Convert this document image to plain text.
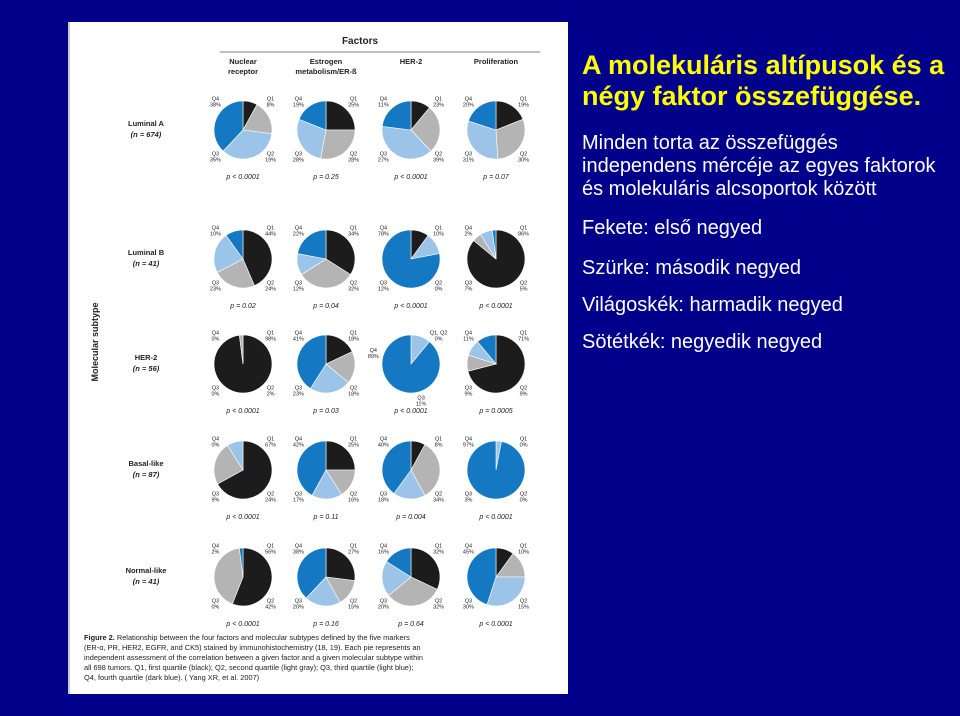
Factors
Nuclear
receptor
Estrogen
metabolism/ER-ß
HER-2	Proliferation
Molecular subtype
Luminal A
(n = 674)
Luminal B
(n = 41)
HER-2
(n = 56)
Basal-like
(n = 87)
Normal-like
(n = 41)
Q1
8%
Q2
19%
Q3
35%
Q4
38%
p < 0.0001
Q1
25%
Q2
28%
Q3
28%
Q4
19%
p = 0.25
Q1
23%
Q2
39%
Q3
27%
Q4
11%
p < 0.0001
Q1
19%
Q2
30%
Q3
31%
Q4
20%
p = 0.07
Q1
44%
Q2
24%
Q3
23%
Q4
10%
p = 0.02
Q1
34%
Q2
32%
Q3
12%
Q4
22%
p = 0.04
Q1
10%
Q2
0%
Q3
12%
Q4
78%
p < 0.0001
Q1
86%
Q2
5%
Q3
7%
Q4
2%
p < 0.0001
Q1
98%
Q2
2%
Q3
0%
Q4
0%
p < 0.0001
Q1
18%
Q2
18%
Q3
23%
Q4
41%
p = 0.03
Q1, Q2
0%
Q3
11%
Q4
89%
p < 0.0001
Q1
71%
Q2
9%
Q3
9%
Q4
11%
p = 0.0005
Q1
67%
Q2
24%
Q3
9%
Q4
0%
p < 0.0001
Q1
25%
Q2
16%
Q3
17%
Q4
42%
p = 0.11
Q1
8%
Q2
34%
Q3
18%
Q4
40%
p = 0.004
Q1
0%
Q2
0%
Q3
3%
Q4
97%
p < 0.0001
Q1
56%
Q2
42%
Q3
0%
Q4
2%
p < 0.0001
Q1
27%
Q2
15%
Q3
20%
Q4
38%
p = 0.16
Q1
32%
Q2
32%
Q3
20%
Q4
16%
p = 0.64
Q1
10%
Q2
15%
Q3
30%
Q4
45%
p < 0.0001
Figure 2. Relationship between the four factors and molecular subtypes defined by the five markers
(ER-α, PR, HER2, EGFR, and CK5) stained by immunohistochemistry (18, 19). Each pie represents an
independent assessment of the correlation between a given factor and a given molecular subtype within
all 698 tumors. Q1, first quartile (black); Q2, second quartile (light gray); Q3, third quartile (light blue);
Q4, fourth quartile (dark blue). ( Yang XR, et al. 2007)

A molekuláris altípusok és a négy faktor összefüggése.

Minden torta az összefüggés independens mércéje az egyes faktorok és molekuláris alcsoportok között

Fekete: első negyed

Szürke: második negyed

Világoskék: harmadik negyed

Sötétkék: negyedik negyed
